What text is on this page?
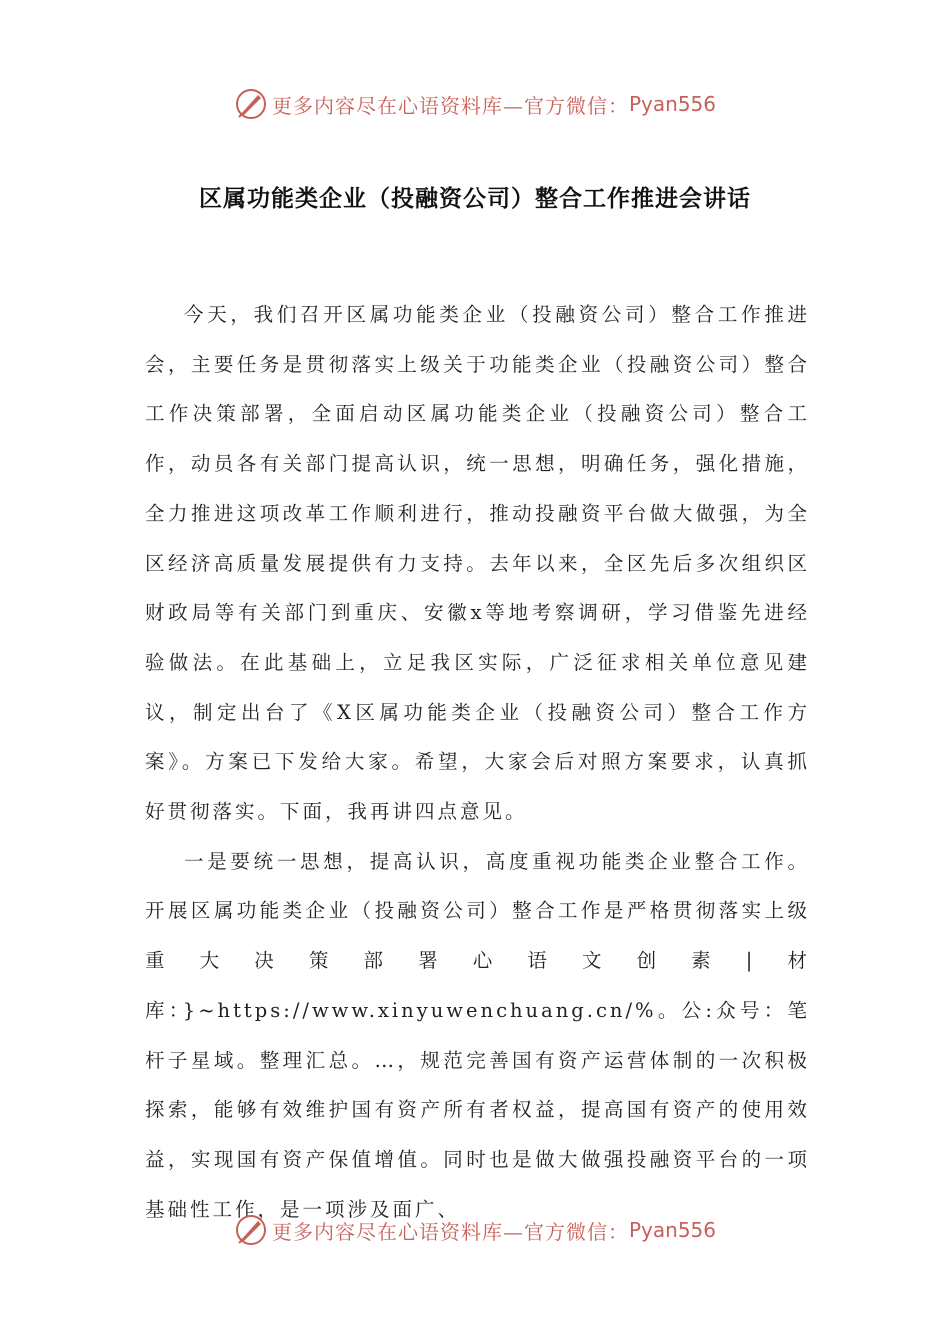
更多内容尽在心语资料库—官方微信： Pyan556
区属功能类企业（投融资公司）整合工作推进会讲话

今天，我们召开区属功能类企业（投融资公司）整合工作推进会，主要任务是贯彻落实上级关于功能类企业（投融资公司）整合工作决策部署，全面启动区属功能类企业（投融资公司）整合工作，动员各有关部门提高认识，统一思想，明确任务，强化措施，全力推进这项改革工作顺利进行，推动投融资平台做大做强，为全区经济高质量发展提供有力支持。去年以来，全区先后多次组织区财政局等有关部门到重庆、安徽x等地考察调研，学习借鉴先进经验做法。在此基础上，立足我区实际，广泛征求相关单位意见建议，制定出台了《X区属功能类企业（投融资公司）整合工作方案》。方案已下发给大家。希望，大家会后对照方案要求，认真抓好贯彻落实。下面，我再讲四点意见。

一是要统一思想，提高认识，高度重视功能类企业整合工作。开展区属功能类企业（投融资公司）整合工作是严格贯彻落实上级重大决策部署心语文创素|材库：}~https://www.xinyuwenchuang.cn/%。公:众号：笔杆子星域。整理汇总。…，规范完善国有资产运营体制的一次积极探索，能够有效维护国有资产所有者权益，提高国有资产的使用效益，实现国有资产保值增值。同时也是做大做强投融资平台的一项基础性工作，是一项涉及面广、

更多内容尽在心语资料库—官方微信： Pyan556
